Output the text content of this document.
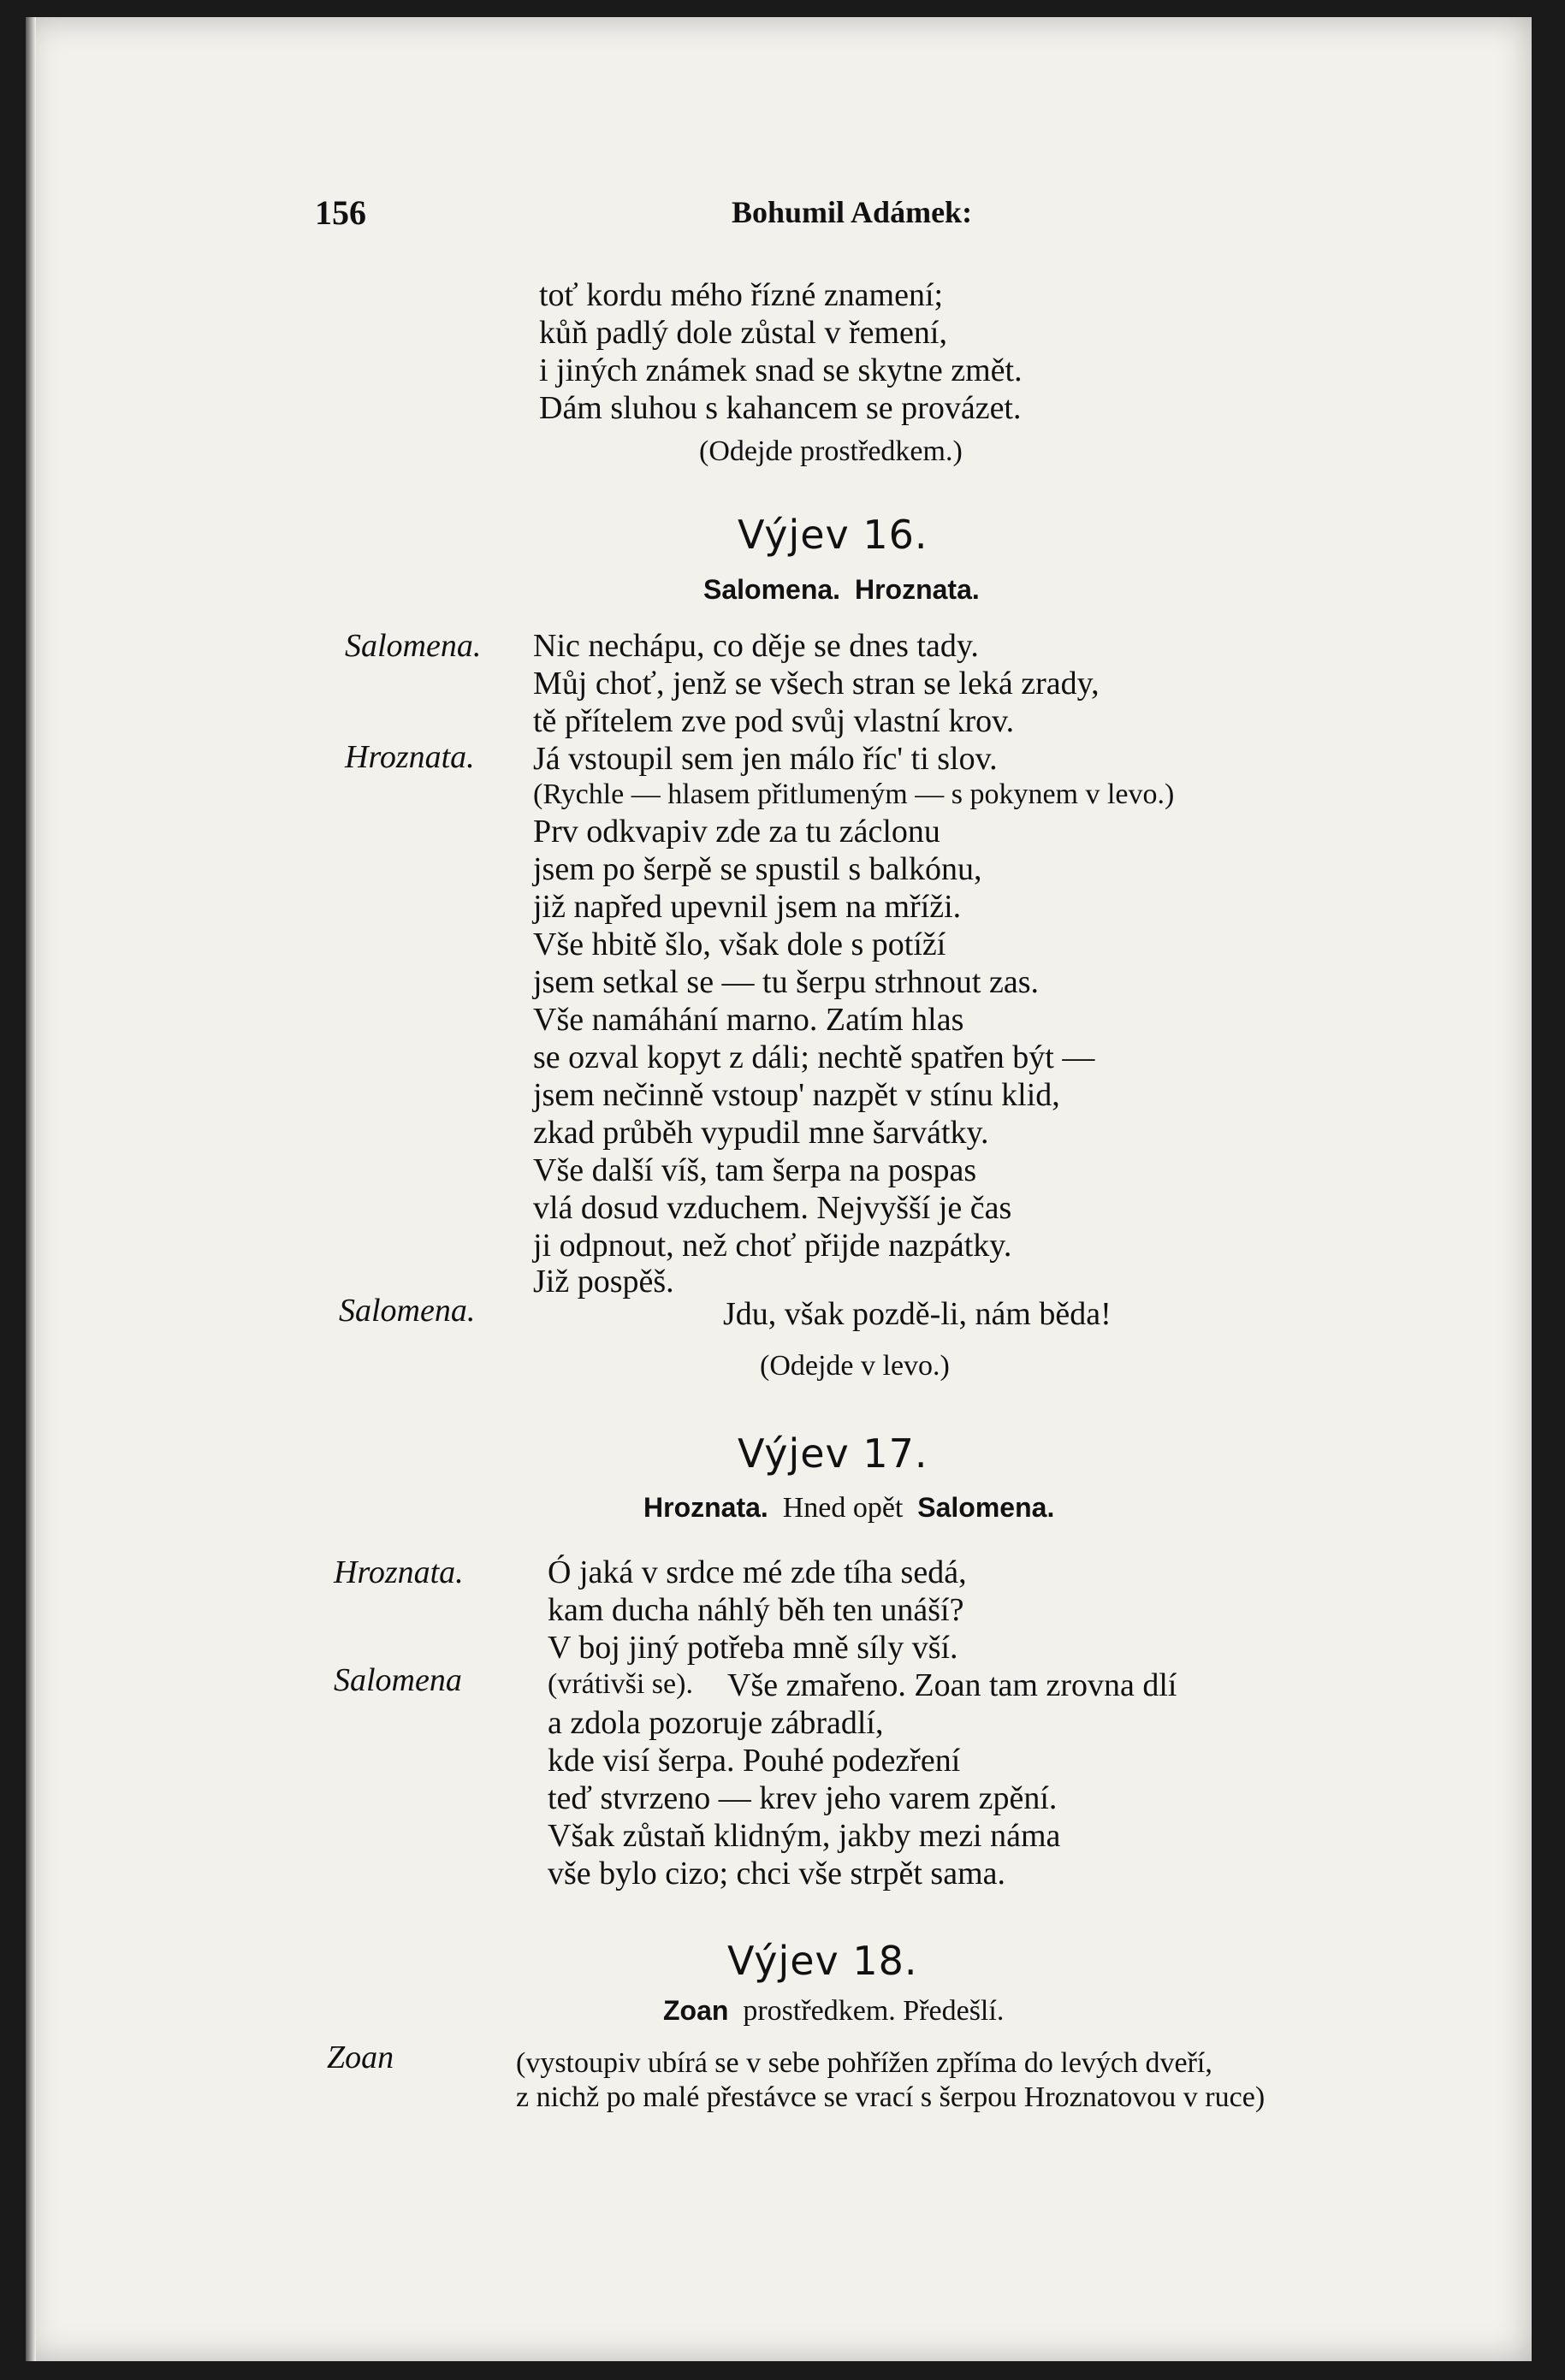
156	Bohumil Adámek:
toť kordu mého řízné znamení;
kůň padlý dole zůstal v řemení,
i jiných známek snad se skytne změt.
Dám sluhou s kahancem se provázet.
(Odejde prostředkem.)
Výjev 16.
Salomena. Hroznata.
Salomena.
Hroznata.
Salomena.
Nic nechápu, co děje se dnes tady.
Můj choť, jenž se všech stran se leká zrady,
tě přítelem zve pod svůj vlastní krov.
Já vstoupil sem jen málo říc' ti slov.
(Rychle — hlasem přitlumeným — s pokynem v levo.)
Prv odkvapiv zde za tu záclonu
jsem po šerpě se spustil s balkónu,
již napřed upevnil jsem na mříži.
Vše hbitě šlo, však dole s potíží
jsem setkal se — tu šerpu strhnout zas.
Vše namáhání marno. Zatím hlas
se ozval kopyt z dáli; nechtě spatřen být —
jsem nečinně vstoup' nazpět v stínu klid,
zkad průběh vypudil mne šarvátky.
Vše další víš, tam šerpa na pospas
vlá dosud vzduchem. Nejvyšší je čas
ji odpnout, než choť přijde nazpátky.
Již pospěš.
Jdu, však pozdě-li, nám běda!
(Odejde v levo.)
Výjev 17.
Hroznata. Hned opět Salomena.
Hroznata.
Salomena
Ó jaká v srdce mé zde tíha sedá,
kam ducha náhlý běh ten unáší?
V boj jiný potřeba mně síly vší.
(vrátivši se). Vše zmařeno. Zoan tam zrovna dlí
a zdola pozoruje zábradlí,
kde visí šerpa. Pouhé podezření
teď stvrzeno — krev jeho varem zpění.
Však zůstaň klidným, jakby mezi náma
vše bylo cizo; chci vše strpět sama.
Výjev 18.
Zoan prostředkem. Předešlí.
Zoan	(vystoupiv ubírá se v sebe pohřížen zpříma do levých dveří,
z nichž po malé přestávce se vrací s šerpou Hroznatovou v ruce)
